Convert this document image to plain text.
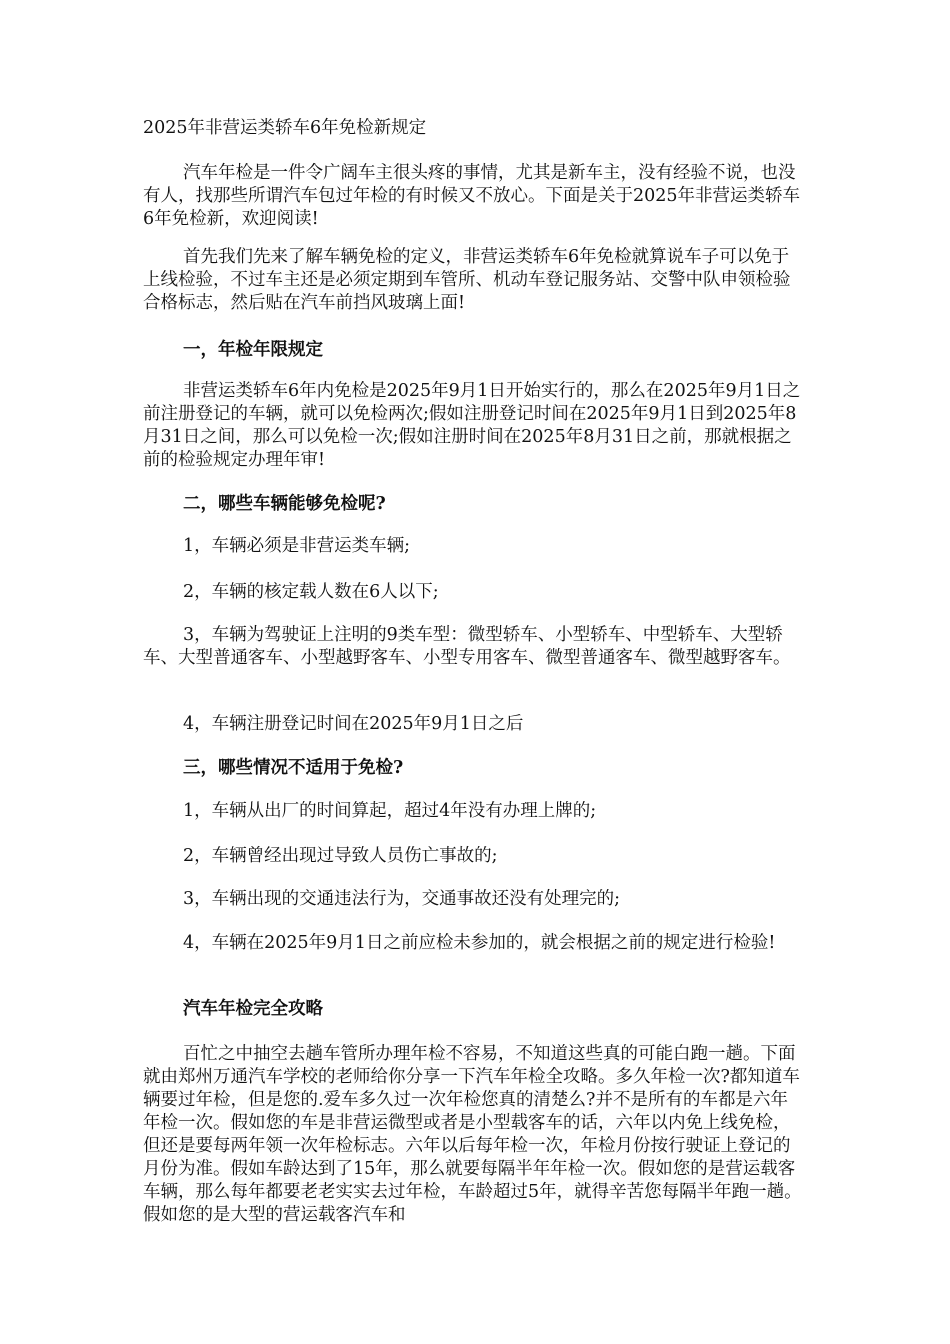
2025年非营运类轿车6年免检新规定

汽车年检是一件令广阔车主很头疼的事情，尤其是新车主，没有经验不说，也没有人，找那些所谓汽车包过年检的有时候又不放心。下面是关于2025年非营运类轿车6年免检新，欢迎阅读!

首先我们先来了解车辆免检的定义，非营运类轿车6年免检就算说车子可以免于上线检验，不过车主还是必须定期到车管所、机动车登记服务站、交警中队申领检验合格标志，然后贴在汽车前挡风玻璃上面!

一，年检年限规定

非营运类轿车6年内免检是2025年9月1日开始实行的，那么在2025年9月1日之前注册登记的车辆，就可以免检两次;假如注册登记时间在2025年9月1日到2025年8月31日之间，那么可以免检一次;假如注册时间在2025年8月31日之前，那就根据之前的检验规定办理年审!

二，哪些车辆能够免检呢?

1，车辆必须是非营运类车辆;

2，车辆的核定载人数在6人以下;

3，车辆为驾驶证上注明的9类车型：微型轿车、小型轿车、中型轿车、大型轿车、大型普通客车、小型越野客车、小型专用客车、微型普通客车、微型越野客车。

4，车辆注册登记时间在2025年9月1日之后

三，哪些情况不适用于免检?

1，车辆从出厂的时间算起，超过4年没有办理上牌的;

2，车辆曾经出现过导致人员伤亡事故的;

3，车辆出现的交通违法行为，交通事故还没有处理完的;

4，车辆在2025年9月1日之前应检未参加的，就会根据之前的规定进行检验!

汽车年检完全攻略

百忙之中抽空去趟车管所办理年检不容易，不知道这些真的可能白跑一趟。下面就由郑州万通汽车学校的老师给你分享一下汽车年检全攻略。多久年检一次?都知道车辆要过年检，但是您的.爱车多久过一次年检您真的清楚么?并不是所有的车都是六年年检一次。假如您的车是非营运微型或者是小型载客车的话，六年以内免上线免检，但还是要每两年领一次年检标志。六年以后每年检一次，年检月份按行驶证上登记的月份为准。假如车龄达到了15年，那么就要每隔半年年检一次。假如您的是营运载客车辆，那么每年都要老老实实去过年检，车龄超过5年，就得辛苦您每隔半年跑一趟。假如您的是大型的营运载客汽车和
